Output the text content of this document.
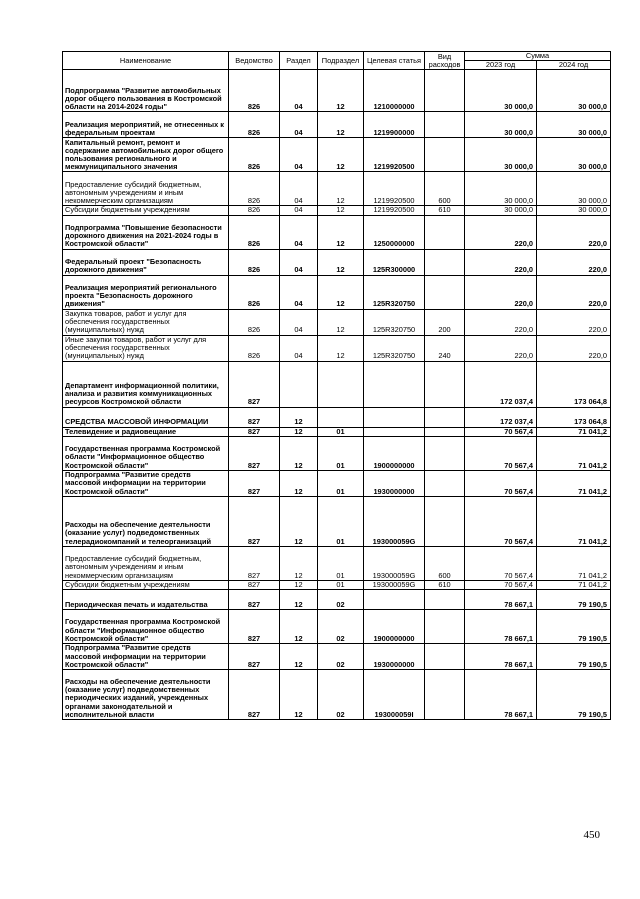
Наименование	Ведомство	Раздел	Подраздел	Целевая статья	Вид расходов	Сумма	
						2023 год	2024 год
Подпрограмма "Развитие автомобильных дорог общего пользования в Костромской области на 2014-2024 годы"	826	04	12	1210000000		30 000,0	30 000,0
Реализация мероприятий, не отнесенных к федеральным проектам	826	04	12	1219900000		30 000,0	30 000,0
Капитальный ремонт, ремонт и содержание автомобильных дорог общего пользования регионального и межмуниципального значения	826	04	12	1219920500		30 000,0	30 000,0
Предоставление субсидий бюджетным, автономным учреждениям и иным некоммерческим организациям	826	04	12	1219920500	600	30 000,0	30 000,0
Субсидии бюджетным учреждениям	826	04	12	1219920500	610	30 000,0	30 000,0
Подпрограмма "Повышение безопасности дорожного движения на 2021-2024 годы в Костромской области"	826	04	12	1250000000		220,0	220,0
Федеральный проект "Безопасность дорожного движения"	826	04	12	125R300000		220,0	220,0
Реализация мероприятий регионального проекта "Безопасность дорожного движения"	826	04	12	125R320750		220,0	220,0
Закупка товаров, работ и услуг для обеспечения государственных (муниципальных) нужд	826	04	12	125R320750	200	220,0	220,0
Иные закупки товаров, работ и услуг для обеспечения государственных (муниципальных) нужд	826	04	12	125R320750	240	220,0	220,0
Департамент информационной политики, анализа и развития коммуникационных ресурсов Костромской области	827					172 037,4	173 064,8
СРЕДСТВА МАССОВОЙ ИНФОРМАЦИИ	827	12				172 037,4	173 064,8
Телевидение и радиовещание	827	12	01			70 567,4	71 041,2
Государственная программа Костромской области "Информационное общество Костромской области"	827	12	01	1900000000		70 567,4	71 041,2
Подпрограмма "Развитие средств массовой информации на территории Костромской области"	827	12	01	1930000000		70 567,4	71 041,2
Расходы на обеспечение деятельности (оказание услуг) подведомственных телерадиокомпаний и телеорганизаций	827	12	01	193000059G		70 567,4	71 041,2
Предоставление субсидий бюджетным, автономным учреждениям и иным некоммерческим организациям	827	12	01	193000059G	600	70 567,4	71 041,2
Субсидии бюджетным учреждениям	827	12	01	193000059G	610	70 567,4	71 041,2
Периодическая печать и издательства	827	12	02			78 667,1	79 190,5
Государственная программа Костромской области "Информационное общество Костромской области"	827	12	02	1900000000		78 667,1	79 190,5
Подпрограмма "Развитие средств массовой информации на территории Костромской области"	827	12	02	1930000000		78 667,1	79 190,5
Расходы на обеспечение деятельности (оказание услуг) подведомственных периодических изданий, учрежденных органами законодательной и исполнительной власти	827	12	02	193000059I		78 667,1	79 190,5
450
